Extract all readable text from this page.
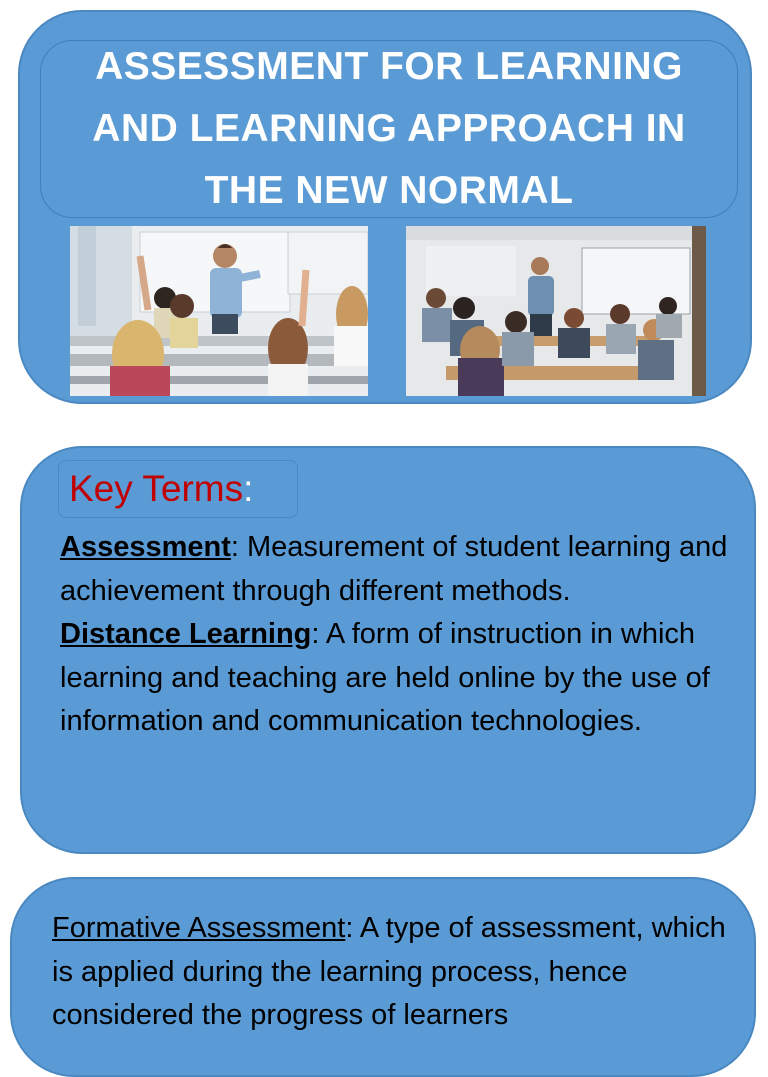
ASSESSMENT FOR LEARNING
AND LEARNING APPROACH IN
THE NEW NORMAL

Key Terms :

Assessment: Measurement of student learning and achievement through different methods.
Distance Learning: A form of instruction in which learning and teaching are held online by the use of information and communication technologies.

Formative Assessment: A type of assessment, which is applied during the learning process, hence considered the progress of learners
